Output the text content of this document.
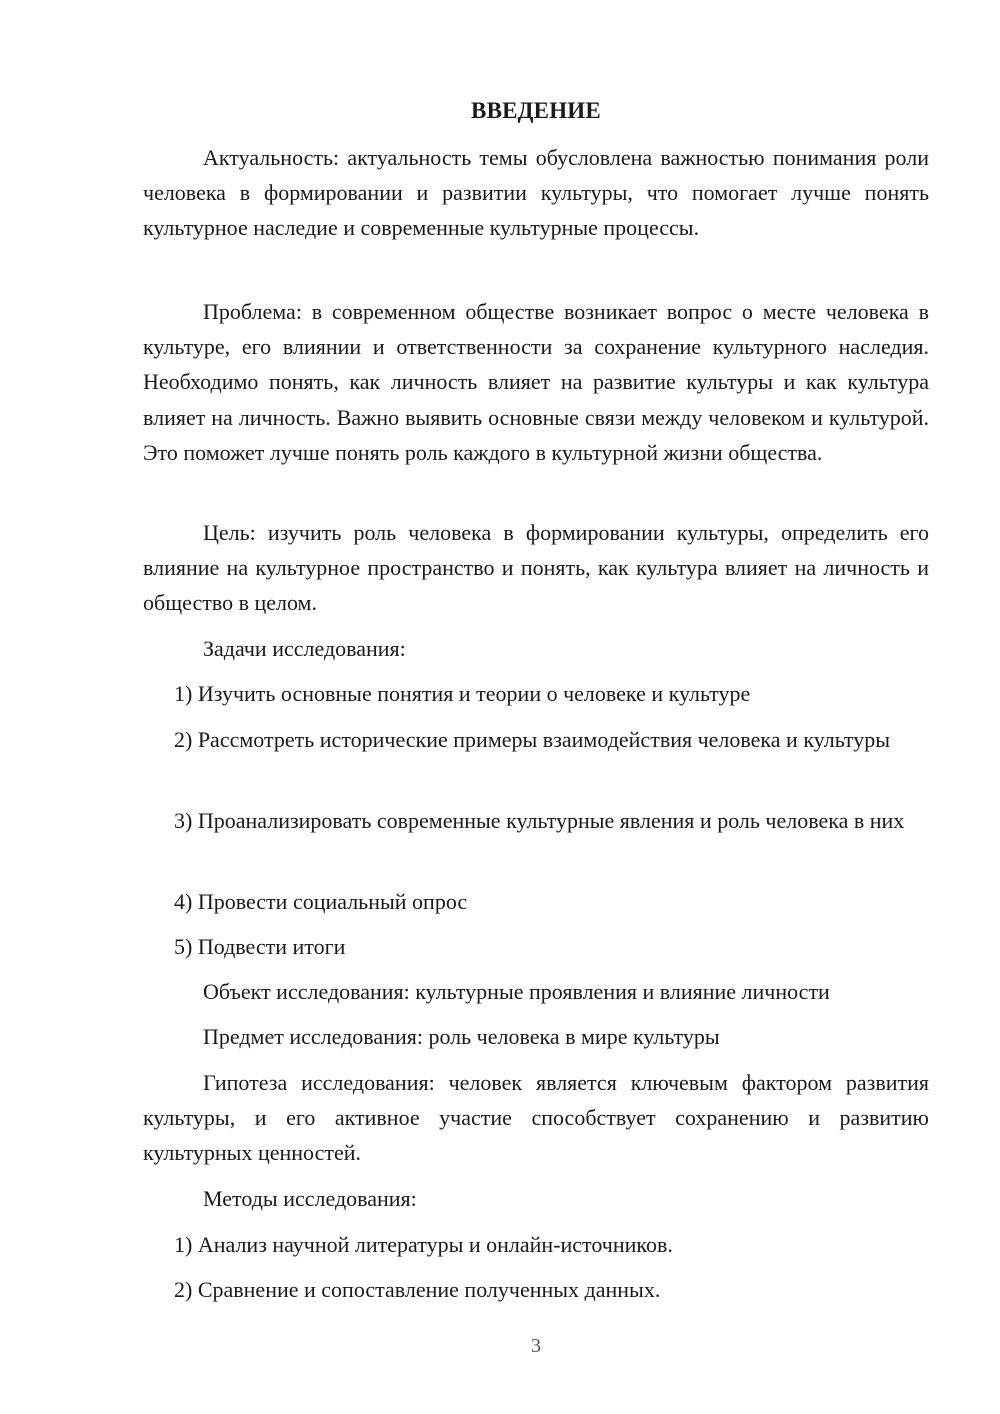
ВВЕДЕНИЕ

Актуальность: актуальность темы обусловлена важностью понимания роли человека в формировании и развитии культуры, что помогает лучше понять культурное наследие и современные культурные процессы.

Проблема: в современном обществе возникает вопрос о месте человека в культуре, его влиянии и ответственности за сохранение культурного наследия. Необходимо понять, как личность влияет на развитие культуры и как культура влияет на личность. Важно выявить основные связи между человеком и культурой. Это поможет лучше понять роль каждого в культурной жизни общества.

Цель: изучить роль человека в формировании культуры, определить его влияние на культурное пространство и понять, как культура влияет на личность и общество в целом.

Задачи исследования:

1) Изучить основные понятия и теории о человеке и культуре

2) Рассмотреть исторические примеры взаимодействия человека и культуры

3) Проанализировать современные культурные явления и роль человека в них

4) Провести социальный опрос

5) Подвести итоги

Объект исследования: культурные проявления и влияние личности

Предмет исследования: роль человека в мире культуры

Гипотеза исследования: человек является ключевым фактором развития культуры, и его активное участие способствует сохранению и развитию культурных ценностей.

Методы исследования:

1) Анализ научной литературы и онлайн-источников.

2) Сравнение и сопоставление полученных данных.

3
